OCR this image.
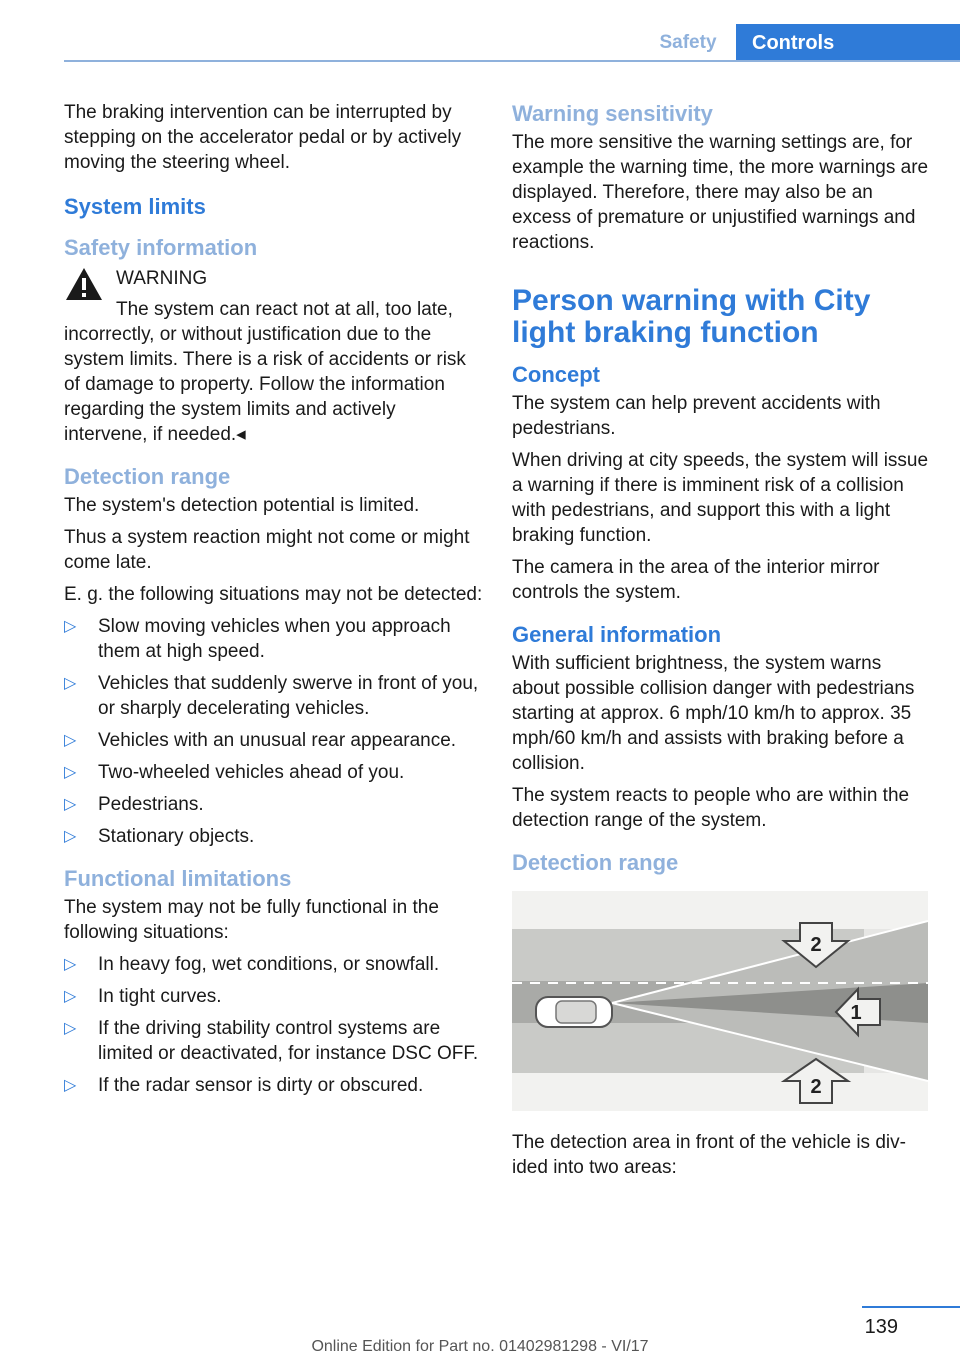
Safety	Controls

The braking intervention can be interrupted by stepping on the accelerator pedal or by actively moving the steering wheel.

System limits
Safety information

WARNING

The system can react not at all, too late, incorrectly, or without justification due to the system limits. There is a risk of accidents or risk of damage to property. Follow the information regarding the system limits and actively intervene, if needed.◂

Detection range

The system's detection potential is limited.

Thus a system reaction might not come or might come late.

E. g. the following situations may not be detected:

▷ Slow moving vehicles when you approach them at high speed.
▷ Vehicles that suddenly swerve in front of you, or sharply decelerating vehicles.
▷ Vehicles with an unusual rear appearance.
▷ Two-wheeled vehicles ahead of you.
▷ Pedestrians.
▷ Stationary objects.
Functional limitations

The system may not be fully functional in the following situations:

▷ In heavy fog, wet conditions, or snowfall.
▷ In tight curves.
▷ If the driving stability control systems are limited or deactivated, for instance DSC OFF.
▷ If the radar sensor is dirty or obscured.
Warning sensitivity

The more sensitive the warning settings are, for example the warning time, the more warnings are displayed. Therefore, there may also be an excess of premature or unjustified warnings and reactions.

Person warning with City light braking function
Concept

The system can help prevent accidents with pedestrians.

When driving at city speeds, the system will issue a warning if there is imminent risk of a collision with pedestrians, and support this with a light braking function.

The camera in the area of the interior mirror controls the system.

General information

With sufficient brightness, the system warns about possible collision danger with pedestrians starting at approx. 6 mph/10 km/h to approx. 35 mph/60 km/h and assists with braking before a collision.

The system reacts to people who are within the detection range of the system.

Detection range
2
1
2

The detection area in front of the vehicle is divided into two areas:

139
Online Edition for Part no. 01402981298 - VI/17
